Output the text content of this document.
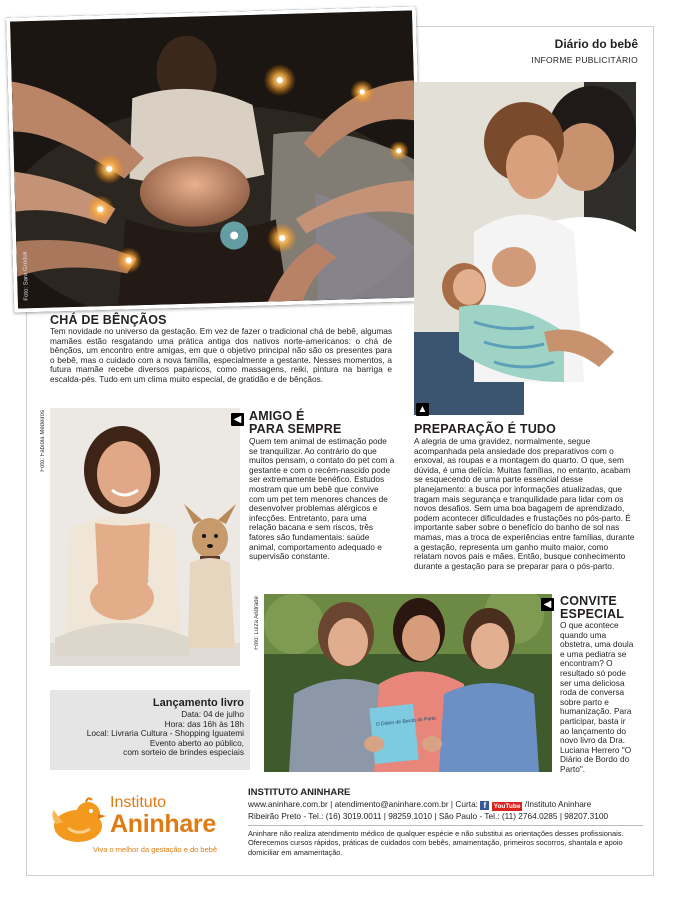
Diário do bebê
INFORME PUBLICITÁRIO
Foto: Sara Gréduk
CHÁ DE BÊNÇÃOS
Tem novidade no universo da gestação. Em vez de fazer o tradicional chá de bebê, algumas mamães estão resgatando uma prática antiga dos nativos norte-americanos: o chá de bênçãos, um encontro entre amigas, em que o objetivo principal não são os presentes para o bebê, mas o cuidado com a nova família, especialmente a gestante. Nesses momentos, a futura mamãe recebe diversos paparicos, como massagens, reiki, pintura na barriga e escalda-pés. Tudo em um clima muito especial, de gratidão e de bênçãos.
Foto: Fabíola Medeiros	◀ AMIGO É
PARA SEMPRE
Quem tem animal de estimação pode se tranquilizar. Ao contrário do que muitos pensam, o contato do pet com a gestante e com o recém-nascido pode ser extremamente benéfico. Estudos mostram que um bebê que convive com um pet tem menores chances de desenvolver problemas alérgicos e infecções. Entretanto, para uma relação bacana e sem riscos, três fatores são fundamentais: saúde animal, comportamento adequado e supervisão constante.
▲
PREPARAÇÃO É TUDO
A alegria de uma gravidez, normalmente, segue acompanhada pela ansiedade dos preparativos com o enxoval, as roupas e a montagem do quarto. O que, sem dúvida, é uma delícia. Muitas famílias, no entanto, acabam se esquecendo de uma parte essencial desse planejamento: a busca por informações atualizadas, que tragam mais segurança e tranquilidade para lidar com os novos desafios. Sem uma boa bagagem de aprendizado, podem acontecer dificuldades e frustações no pós-parto. É importante saber sobre o benefício do banho de sol nas mamas, mas a troca de experiências entre famílias, durante a gestação, representa um ganho muito maior, como relatam novos pais e mães. Então, busque conhecimento durante a gestação para se preparar para o pós-parto.
Lançamento livro
Data: 04 de julho
Hora: das 16h às 18h
Local: Livraria Cultura - Shopping Iguatemi
Evento aberto ao público,
com sorteio de brindes especiais
O Diário de Bordo do Parto
Foto: Luiza Andrade	◀ CONVITE
ESPECIAL
O que acontece quando uma obstetra, uma doula e uma pediatra se encontram? O resultado só pode ser uma deliciosa roda de conversa sobre parto e humanização. Para participar, basta ir ao lançamento do novo livro da Dra. Luciana Herrero "O Diário de Bordo do Parto".
Instituto
Aninhare
Viva o melhor da gestação e do bebê
INSTITUTO ANINHARE
www.aninhare.com.br | atendimento@aninhare.com.br | Curta: f YouTube /Instituto Aninhare
Ribeirão Preto - Tel.: (16) 3019.0011 | 98259.1010 | São Paulo - Tel.: (11) 2764.0285 | 98207.3100
Aninhare não realiza atendimento médico de qualquer espécie e não substitui as orientações desses profissionais. Oferecemos cursos rápidos, práticas de cuidados com bebês, amamentação, primeiros socorros, shantala e apoio domiciliar em amamentação.
